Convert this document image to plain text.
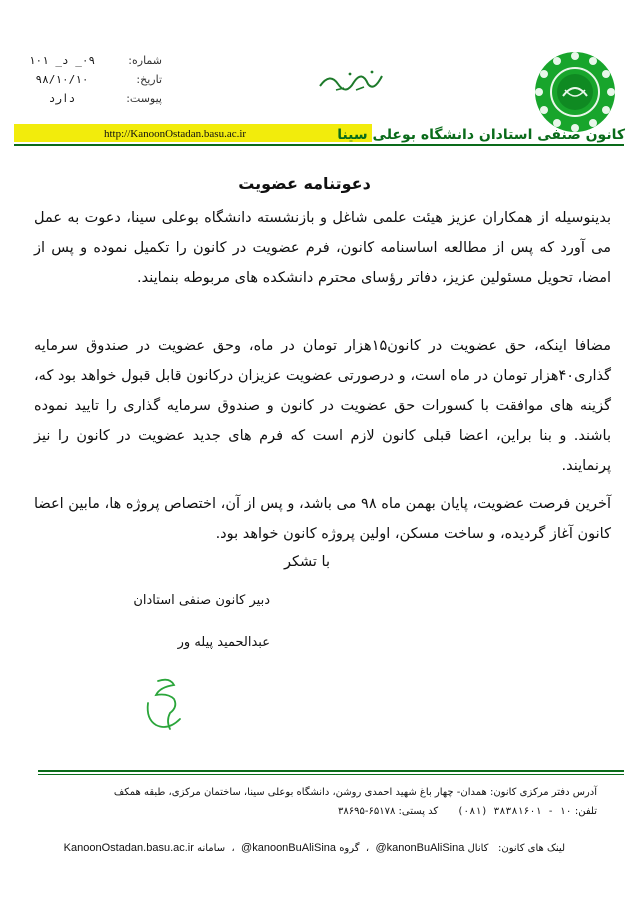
شماره:
۰۹_ د_ ۱۰۱
تاریخ:
۹۸/۱۰/۱۰
پیوست:
دارد
http://KanoonOstadan.basu.ac.ir	کانون صنفی استادان دانشگاه بوعلی سینا
دعوتنامه عضویت

بدینوسیله از همکاران عزیز هیئت علمی شاغل و بازنشسته دانشگاه بوعلی سینا، دعوت به عمل می آورد که پس از مطالعه اساسنامه کانون، فرم عضویت در کانون را تکمیل نموده و پس از امضا، تحویل مسئولین عزیز، دفاتر رؤسای محترم دانشکده های مربوطه بنمایند.

مضافا اینکه، حق عضویت در کانون۱۵هزار تومان در ماه، وحق عضویت در صندوق سرمایه گذاری۴۰هزار تومان در ماه است، و درصورتی عضویت عزیزان درکانون قابل قبول خواهد بود که، گزینه های موافقت با کسورات حق عضویت در کانون و صندوق سرمایه گذاری را تایید نموده باشند. و بنا براین، اعضا قبلی کانون لازم است که فرم های جدید عضویت در کانون را نیز پرنمایند.

آخرین فرصت عضویت، پایان بهمن ماه ۹۸ می باشد، و پس از آن، اختصاص پروژه ها، مابین اعضا کانون آغاز گردیده، و ساخت مسکن، اولین پروژه کانون خواهد بود.

با تشکر
دبیر کانون صنفی استادان
عبدالحمید پیله ور
آدرس دفتر مرکزی کانون: همدان- چهار باغ شهید احمدی روشن، دانشگاه بوعلی سینا، ساختمان مرکزی، طبقه همکف
تلفن: ۱۰ - ۳۸۳۸۱۶۰۱ (۰۸۱)      کد پستی: ۶۵۱۷۸-۳۸۶۹۵
لینک های کانون:   کانال @kanonBuAliSina  ،  گروه @kanoonBuAliSina  ،  سامانه KanoonOstadan.basu.ac.ir
